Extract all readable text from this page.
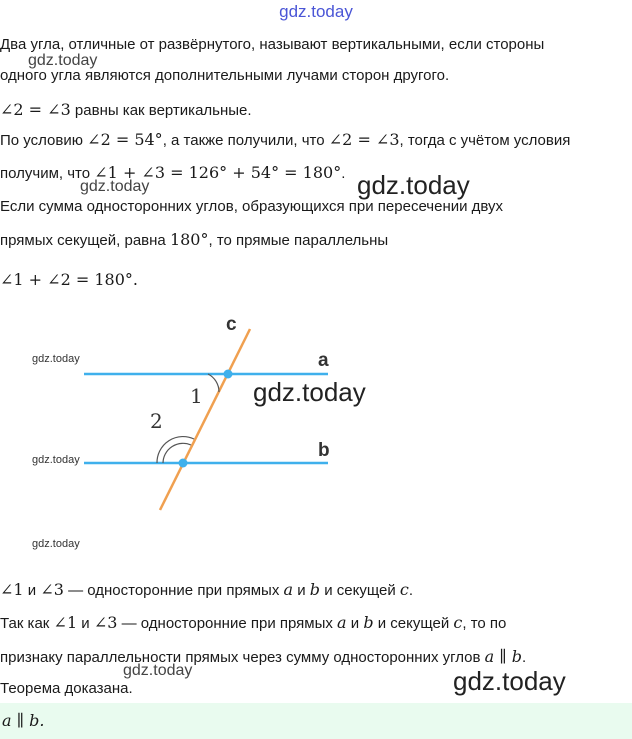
gdz.today
Два угла, отличные от развёрнутого, называют вертикальными, если стороны
gdz.today
одного угла являются дополнительными лучами сторон другого.
∠2 = ∠3 равны как вертикальные.
По условию ∠2 = 54°, а также получили, что ∠2 = ∠3, тогда с учётом условия
получим, что ∠1 + ∠3 = 126° + 54° = 180°.
gdz.today	gdz.today
Если сумма односторонних углов, образующихся при пересечении двух
прямых секущей, равна 180°, то прямые параллельны
∠1 + ∠2 = 180°.
c
a
b
1
2
gdz.today
gdz.today
gdz.today
gdz.today
∠1 и ∠3 — односторонние при прямых a и b и секущей c.
Так как ∠1 и ∠3 — односторонние при прямых a и b и секущей c, то по
признаку параллельности прямых через сумму односторонних углов a ∥ b.
gdz.today	gdz.today
Теорема доказана.
a ∥ b.
